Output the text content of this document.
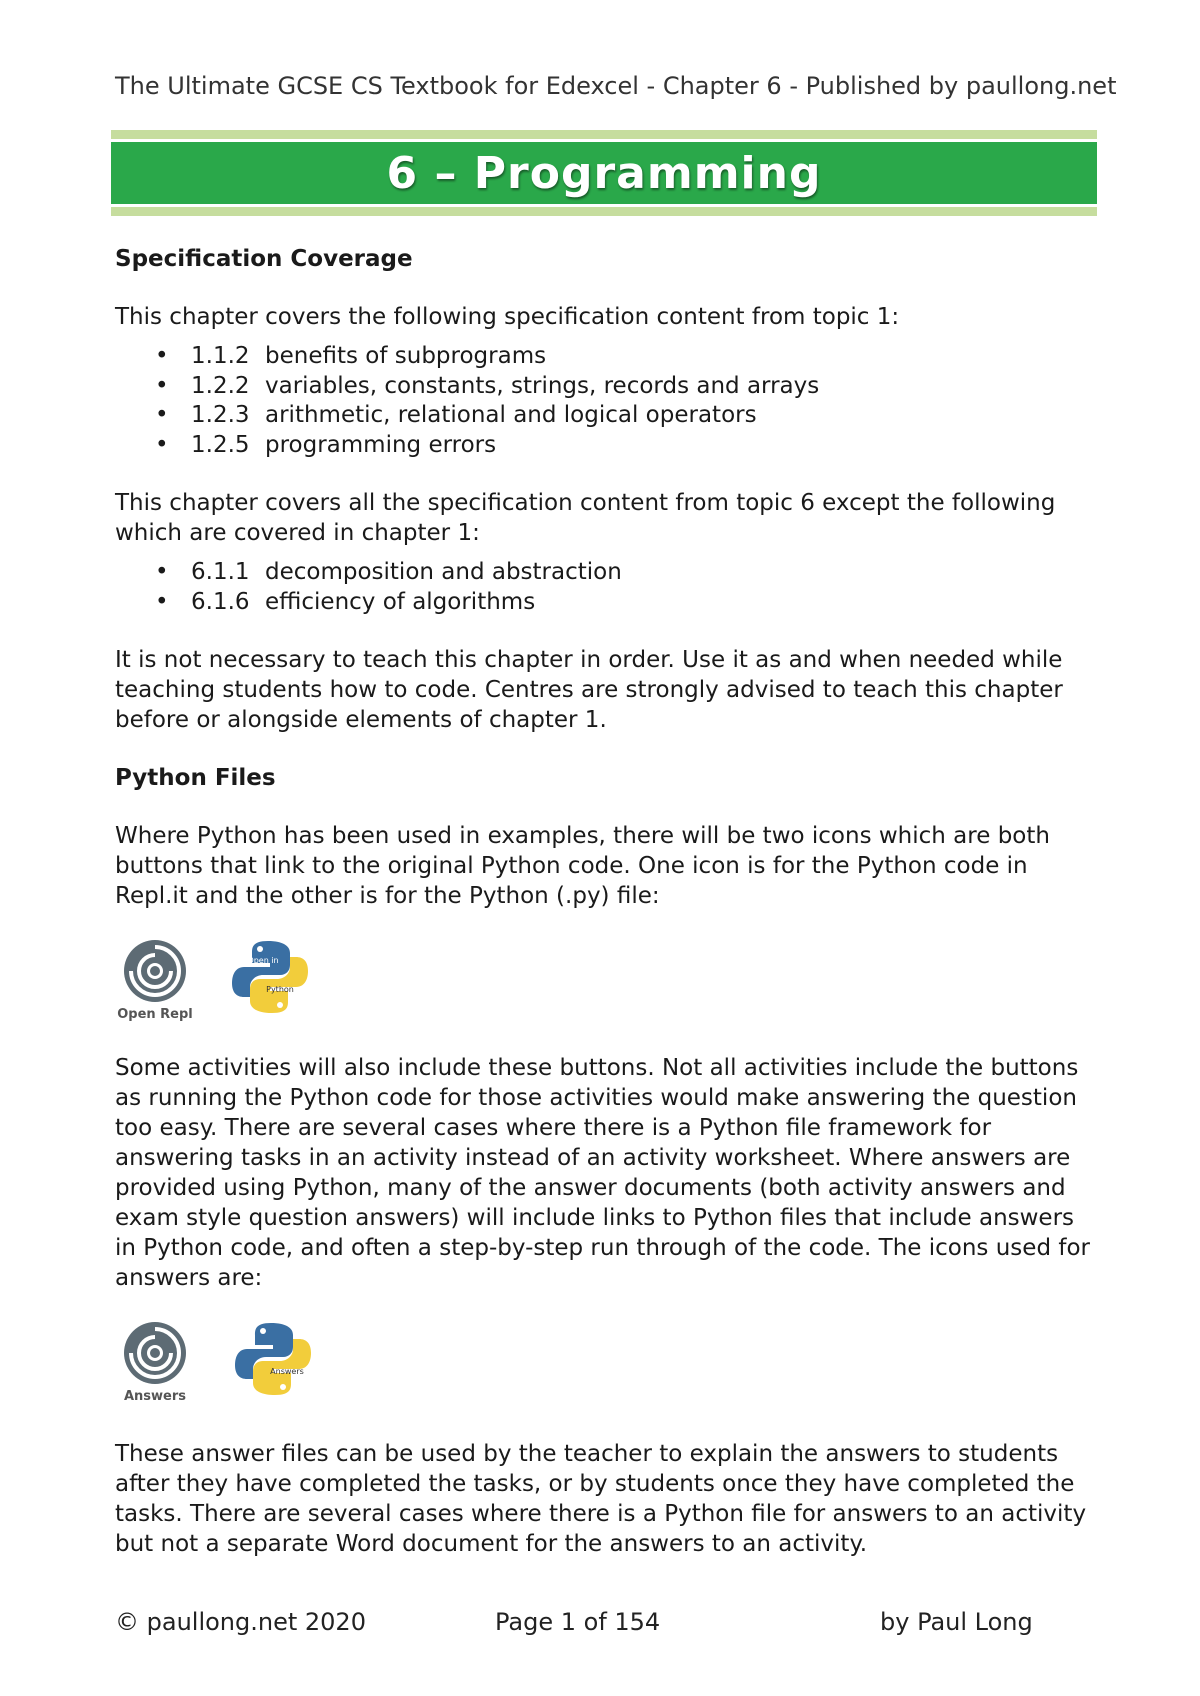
The Ultimate GCSE CS Textbook for Edexcel - Chapter 6 - Published by paullong.net
6 – Programming
Specification Coverage

This chapter covers the following specification content from topic 1:

• 1.1.2 benefits of subprograms
• 1.2.2 variables, constants, strings, records and arrays
• 1.2.3 arithmetic, relational and logical operators
• 1.2.5 programming errors

This chapter covers all the specification content from topic 6 except the following which are covered in chapter 1:

• 6.1.1 decomposition and abstraction
• 6.1.6 efficiency of algorithms

It is not necessary to teach this chapter in order. Use it as and when needed while teaching students how to code. Centres are strongly advised to teach this chapter before or alongside elements of chapter 1.

Python Files

Where Python has been used in examples, there will be two icons which are both buttons that link to the original Python code. One icon is for the Python code in Repl.it and the other is for the Python (.py) file:

Open Repl
Open in
Python

Some activities will also include these buttons. Not all activities include the buttons as running the Python code for those activities would make answering the question too easy. There are several cases where there is a Python file framework for answering tasks in an activity instead of an activity worksheet. Where answers are provided using Python, many of the answer documents (both activity answers and exam style question answers) will include links to Python files that include answers in Python code, and often a step-by-step run through of the code. The icons used for answers are:

Answers
Answers

These answer files can be used by the teacher to explain the answers to students after they have completed the tasks, or by students once they have completed the tasks. There are several cases where there is a Python file for answers to an activity but not a separate Word document for the answers to an activity.

© paullong.net 2020	Page 1 of 154	by Paul Long
